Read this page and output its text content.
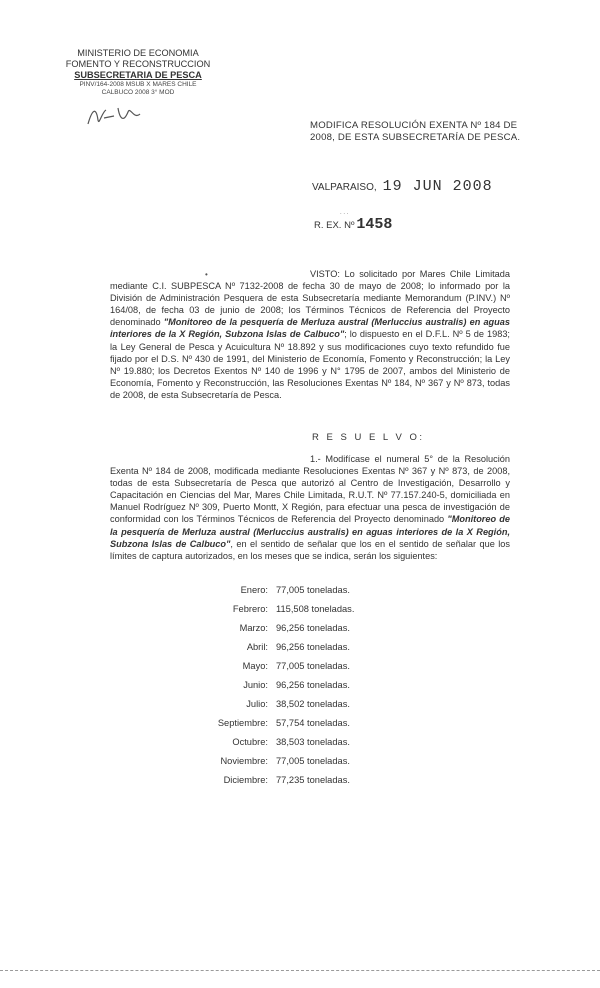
MINISTERIO DE ECONOMIA
FOMENTO Y RECONSTRUCCION
SUBSECRETARIA DE PESCA
PINV/164-2008 MSUB X MARES CHILE
CALBUCO 2008 3° MOD
MODIFICA RESOLUCIÓN EXENTA Nº 184 DE
2008, DE ESTA SUBSECRETARÍA DE PESCA.
VALPARAISO, 19 JUN 2008
. . .
R. EX. Nº 1458
•	VISTO: Lo solicitado por Mares Chile Limitada mediante C.I. SUBPESCA Nº 7132-2008 de fecha 30 de mayo de 2008; lo informado por la División de Administración Pesquera de esta Subsecretaría mediante Memorandum (P.INV.) Nº 164/08, de fecha 03 de junio de 2008; los Términos Técnicos de Referencia del Proyecto denominado "Monitoreo de la pesquería de Merluza austral (Merluccius australis) en aguas interiores de la X Región, Subzona Islas de Calbuco"; lo dispuesto en el D.F.L. Nº 5 de 1983; la Ley General de Pesca y Acuicultura Nº 18.892 y sus modificaciones cuyo texto refundido fue fijado por el D.S. Nº 430 de 1991, del Ministerio de Economía, Fomento y Reconstrucción; la Ley Nº 19.880; los Decretos Exentos Nº 140 de 1996 y N° 1795 de 2007, ambos del Ministerio de Economía, Fomento y Reconstrucción, las Resoluciones Exentas Nº 184, Nº 367 y Nº 873, todas de 2008, de esta Subsecretaría de Pesca.

R E S U E L V O:

1.- Modifícase el numeral 5° de la Resolución Exenta Nº 184 de 2008, modificada mediante Resoluciones Exentas Nº 367 y Nº 873, de 2008, todas de esta Subsecretaría de Pesca que autorizó al Centro de Investigación, Desarrollo y Capacitación en Ciencias del Mar, Mares Chile Limitada, R.U.T. Nº 77.157.240-5, domiciliada en Manuel Rodríguez Nº 309, Puerto Montt, X Región, para efectuar una pesca de investigación de conformidad con los Términos Técnicos de Referencia del Proyecto denominado "Monitoreo de la pesquería de Merluza austral (Merluccius australis) en aguas interiores de la X Región, Subzona Islas de Calbuco", en el sentido de señalar que los en el sentido de señalar que los límites de captura autorizados, en los meses que se indica, serán los siguientes:

Enero:	77,005 toneladas.
Febrero:	115,508 toneladas.
Marzo:	96,256 toneladas.
Abril:	96,256 toneladas.
Mayo:	77,005 toneladas.
Junio:	96,256 toneladas.
Julio:	38,502 toneladas.
Septiembre:	57,754 toneladas.
Octubre:	38,503 toneladas.
Noviembre:	77,005 toneladas.
Diciembre:	77,235 toneladas.
